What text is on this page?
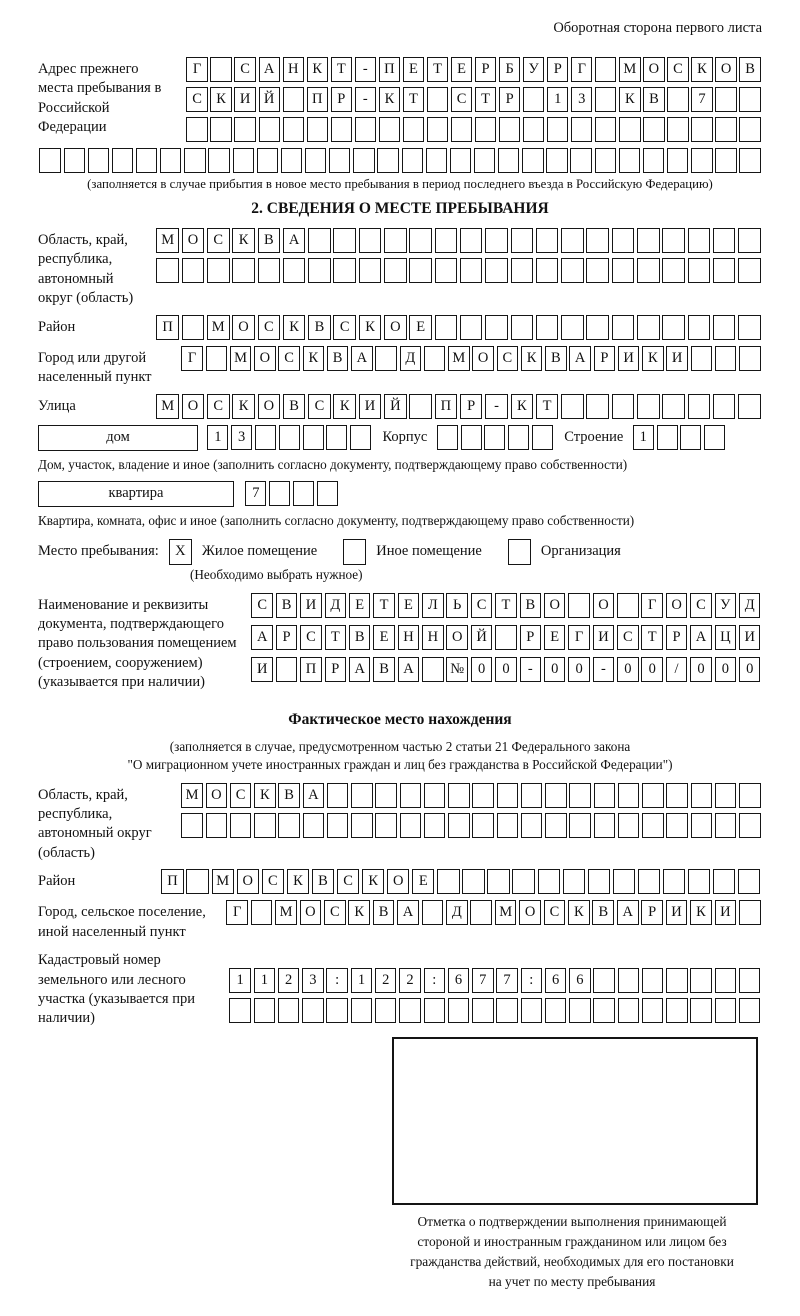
Оборотная сторона первого листа
Адрес прежнего места пребывания в Российской Федерации
Г	С А Н К	Т	-	П Е	Т	Е	Р	Б	У	Р	Г	М О С К О В
С К И Й	П	Р	-	К	Т	С	Т	Р	1	3	К В	7
(заполняется в случае прибытия в новое место пребывания в период последнего въезда в Российскую Федерацию)
2. СВЕДЕНИЯ О МЕСТЕ ПРЕБЫВАНИЯ
Область, край, республика, автономный округ (область)
М О	С	К	В	А
Район	П	М О	С	К	В	С	К	О	Е
Город или другой населенный пункт
Г	М О С	К	В А	Д	М О С	К	В А	Р	И К И
Улица	М О	С	К	О	В	С	К	И	Й	П	Р	-	К	Т
дом	1	3	Корпус	Строение	1
Дом, участок, владение и иное (заполнить согласно документу, подтверждающему право собственности)
квартира	7
Квартира, комната, офис и иное (заполнить согласно документу, подтверждающему право собственности)
Место пребывания:	X	Жилое помещение	Иное помещение	Организация
(Необходимо выбрать нужное)
Наименование и реквизиты документа, подтверждающего право пользования помещением (строением, сооружением) (указывается при наличии)
С	В И Д	Е	Т	Е	Л	Ь	С	Т	В О	О	Г	О С У Д
А	Р	С	Т	В	Е	Н Н О Й	Р	Е	Г	И С	Т	Р	А Ц И
И	П	Р	А В А	№ 0	0	-	0	0	-	0	0	/	0	0	0
Фактическое место нахождения
(заполняется в случае, предусмотренном частью 2 статьи 21 Федерального закона
"О миграционном учете иностранных граждан и лиц без гражданства в Российской Федерации")
Область, край, республика, автономный округ (область)
М О С	К	В А
Район	П	М О	С	К	В	С	К	О	Е
Город, сельское поселение, иной населенный пункт
Г	М О С	К	В А	Д	М О С	К	В А	Р	И К И
Кадастровый номер земельного или лесного участка (указывается при наличии)
1	1	2	3	:	1	2	2	:	6	7	7	:	6	6
Отметка о подтверждении выполнения принимающей
стороной и иностранным гражданином или лицом без
гражданства действий, необходимых для его постановки
на учет по месту пребывания
